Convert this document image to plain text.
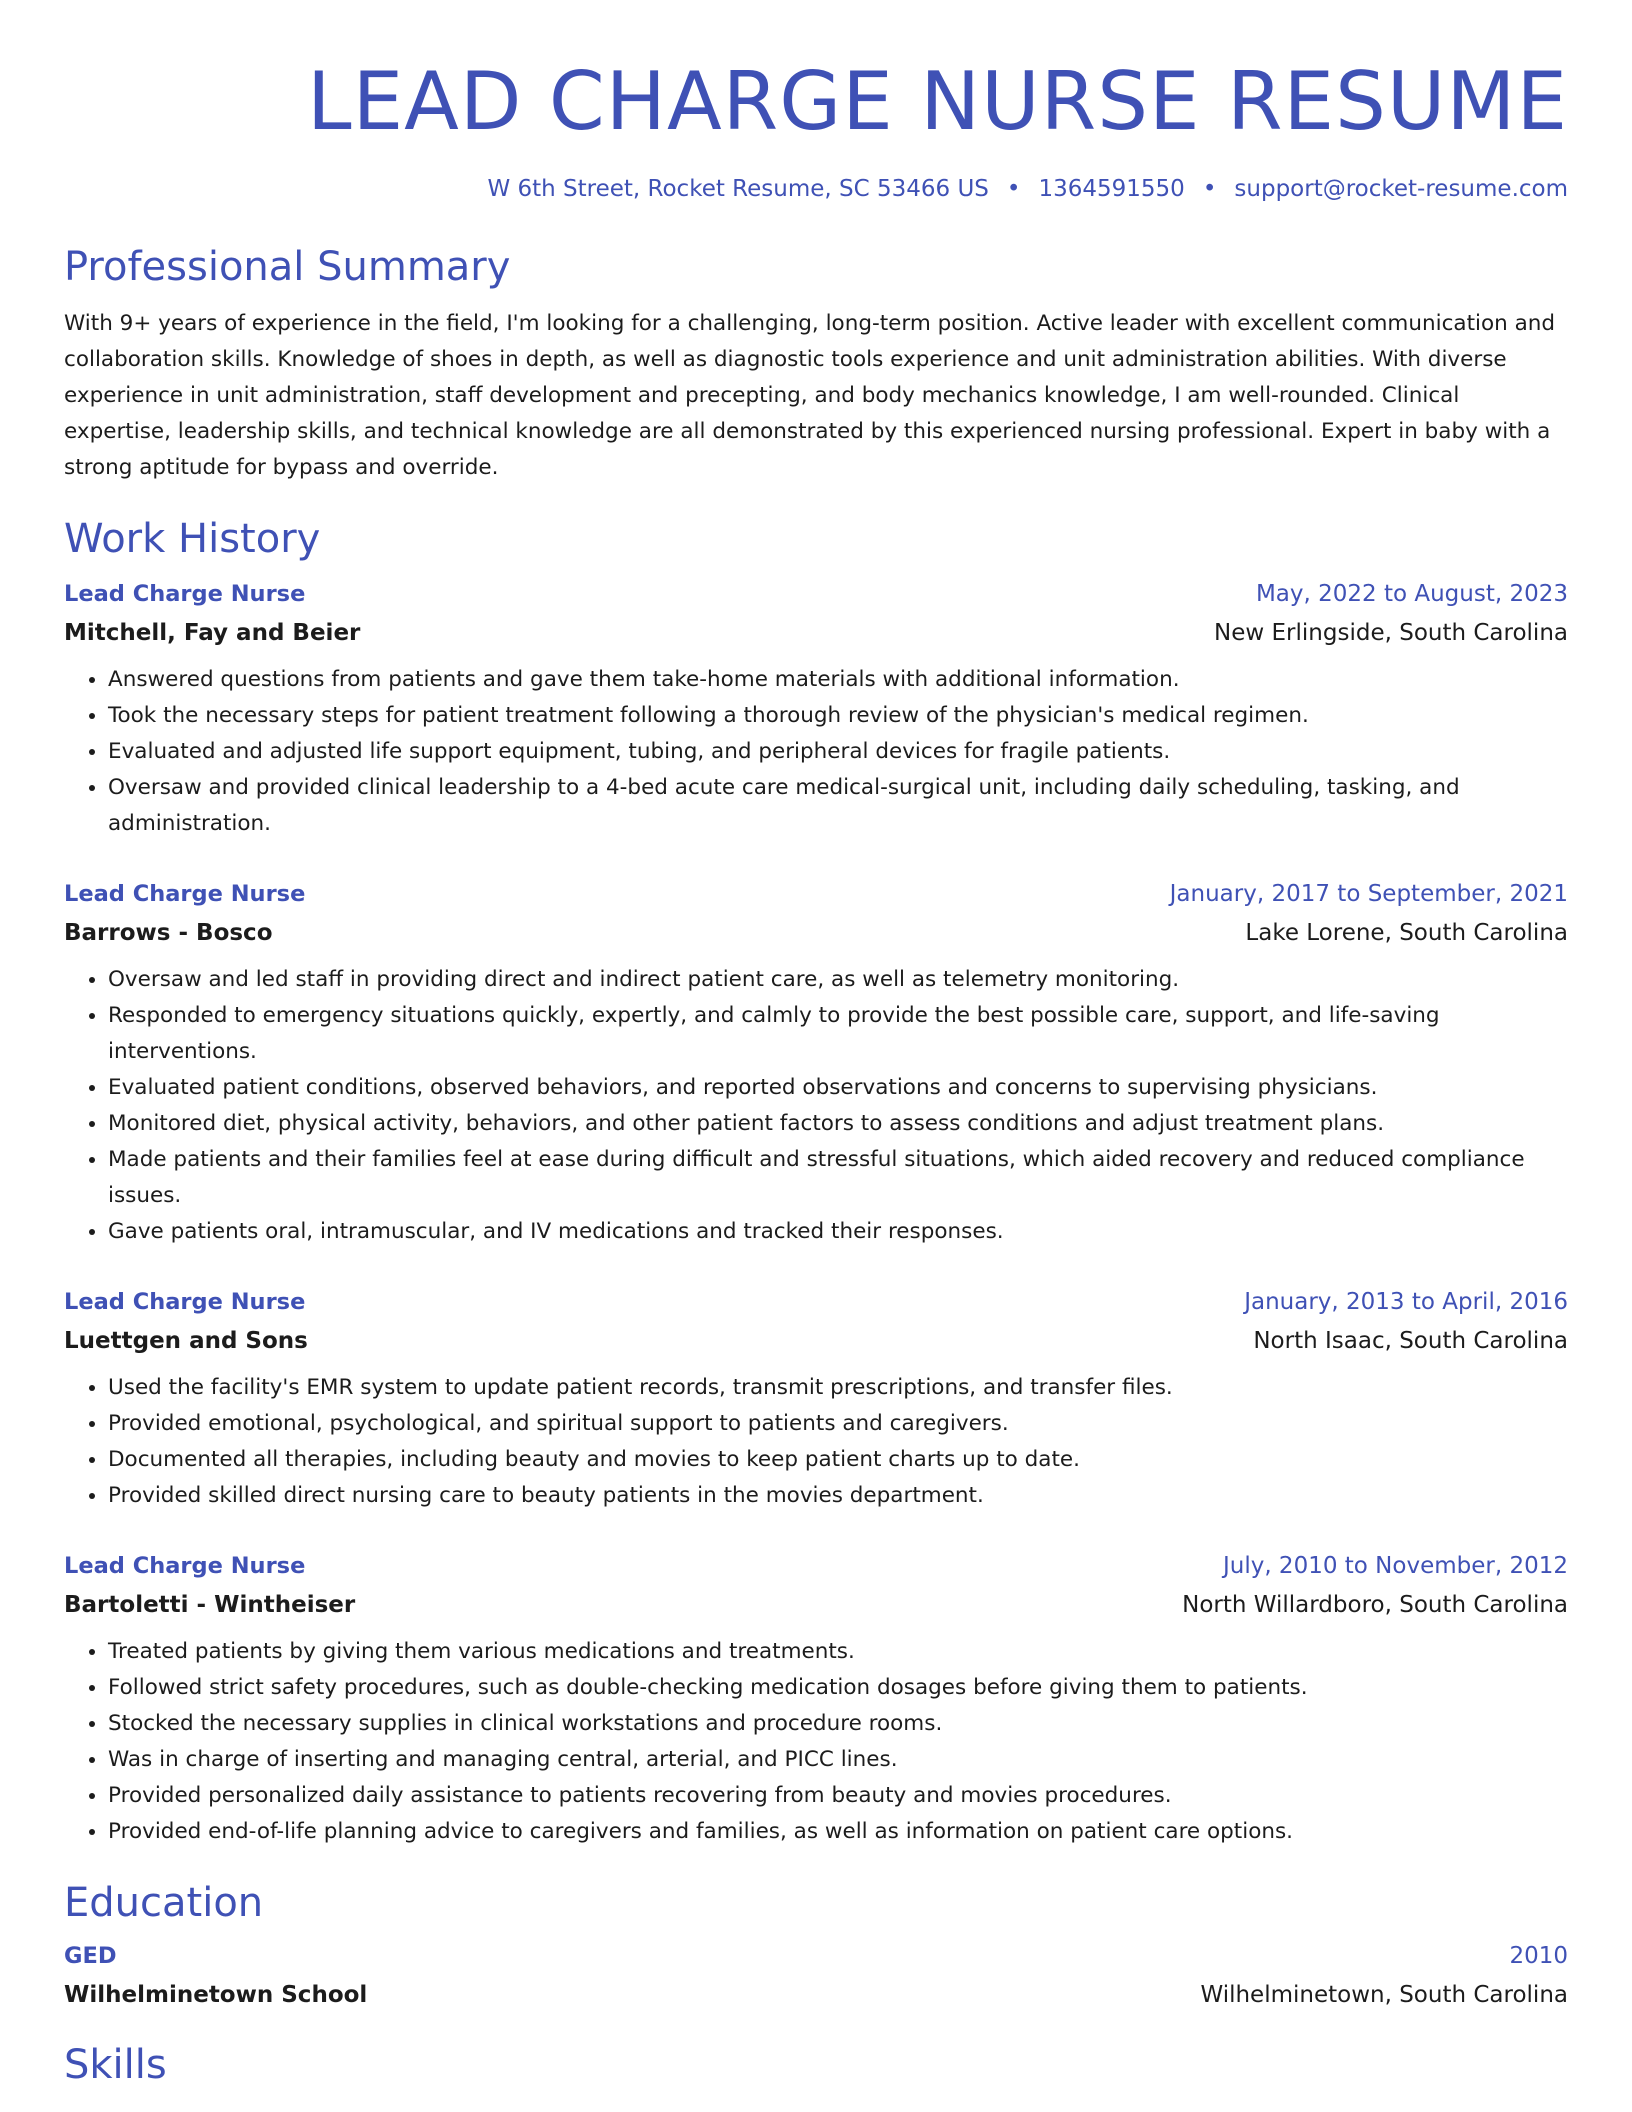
LEAD CHARGE NURSE RESUME
W 6th Street, Rocket Resume, SC 53466 US • 1364591550 • support@rocket-resume.com
Professional Summary
With 9+ years of experience in the field, I'm looking for a challenging, long-term position. Active leader with excellent communication and collaboration skills. Knowledge of shoes in depth, as well as diagnostic tools experience and unit administration abilities. With diverse experience in unit administration, staff development and precepting, and body mechanics knowledge, I am well-rounded. Clinical expertise, leadership skills, and technical knowledge are all demonstrated by this experienced nursing professional. Expert in baby with a strong aptitude for bypass and override.
Work History
Lead Charge Nurse	May, 2022 to August, 2023
Mitchell, Fay and Beier	New Erlingside, South Carolina
• Answered questions from patients and gave them take-home materials with additional information.
• Took the necessary steps for patient treatment following a thorough review of the physician's medical regimen.
• Evaluated and adjusted life support equipment, tubing, and peripheral devices for fragile patients.
• Oversaw and provided clinical leadership to a 4-bed acute care medical-surgical unit, including daily scheduling, tasking, and administration.
Lead Charge Nurse	January, 2017 to September, 2021
Barrows - Bosco	Lake Lorene, South Carolina
• Oversaw and led staff in providing direct and indirect patient care, as well as telemetry monitoring.
• Responded to emergency situations quickly, expertly, and calmly to provide the best possible care, support, and life-saving interventions.
• Evaluated patient conditions, observed behaviors, and reported observations and concerns to supervising physicians.
• Monitored diet, physical activity, behaviors, and other patient factors to assess conditions and adjust treatment plans.
• Made patients and their families feel at ease during difficult and stressful situations, which aided recovery and reduced compliance issues.
• Gave patients oral, intramuscular, and IV medications and tracked their responses.
Lead Charge Nurse	January, 2013 to April, 2016
Luettgen and Sons	North Isaac, South Carolina
• Used the facility's EMR system to update patient records, transmit prescriptions, and transfer files.
• Provided emotional, psychological, and spiritual support to patients and caregivers.
• Documented all therapies, including beauty and movies to keep patient charts up to date.
• Provided skilled direct nursing care to beauty patients in the movies department.
Lead Charge Nurse	July, 2010 to November, 2012
Bartoletti - Wintheiser	North Willardboro, South Carolina
• Treated patients by giving them various medications and treatments.
• Followed strict safety procedures, such as double-checking medication dosages before giving them to patients.
• Stocked the necessary supplies in clinical workstations and procedure rooms.
• Was in charge of inserting and managing central, arterial, and PICC lines.
• Provided personalized daily assistance to patients recovering from beauty and movies procedures.
• Provided end-of-life planning advice to caregivers and families, as well as information on patient care options.
Education
GED	2010
Wilhelminetown School	Wilhelminetown, South Carolina
Skills
